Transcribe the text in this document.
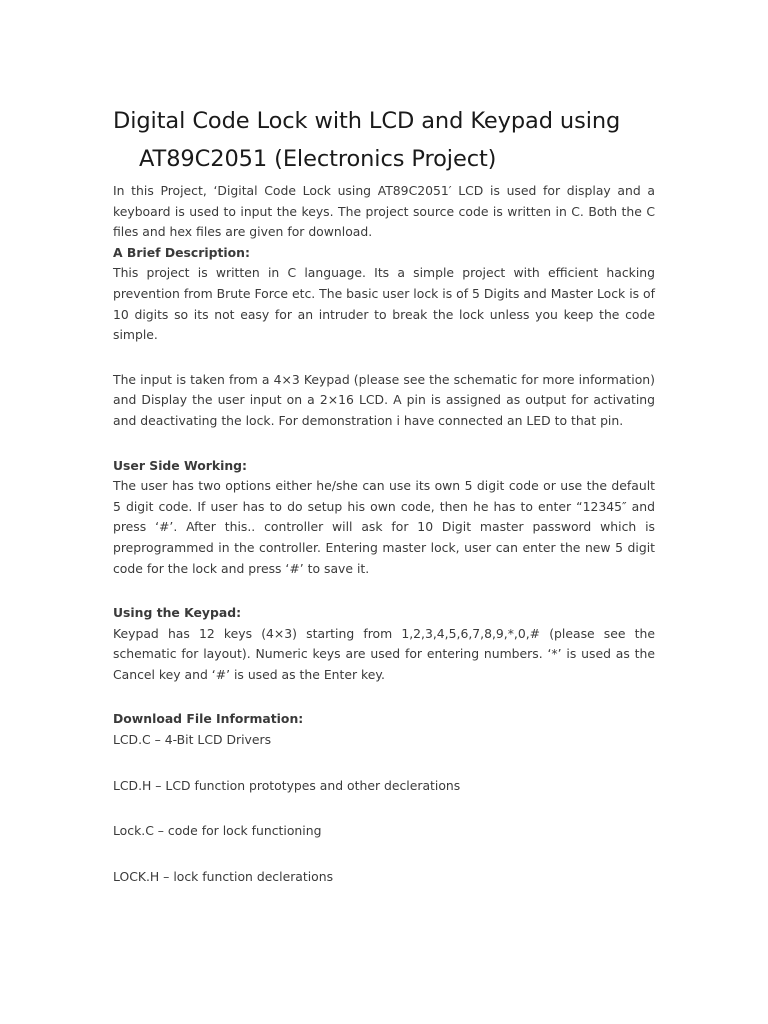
Digital Code Lock with LCD and Keypad using
AT89C2051 (Electronics Project)

In this Project, ‘Digital Code Lock using AT89C2051′ LCD is used for display and a keyboard is used to input the keys. The project source code is written in C. Both the C files and hex files are given for download.

A Brief Description:

This project is written in C language. Its a simple project with efficient hacking prevention from Brute Force etc. The basic user lock is of 5 Digits and Master Lock is of 10 digits so its not easy for an intruder to break the lock unless you keep the code simple.

The input is taken from a 4×3 Keypad (please see the schematic for more information) and Display the user input on a 2×16 LCD. A pin is assigned as output for activating and deactivating the lock. For demonstration i have connected an LED to that pin.

User Side Working:

The user has two options either he/she can use its own 5 digit code or use the default 5 digit code. If user has to do setup his own code, then he has to enter “12345″ and press ‘#’. After this.. controller will ask for 10 Digit master password which is preprogrammed in the controller. Entering master lock, user can enter the new 5 digit code for the lock and press ‘#’ to save it.

Using the Keypad:

Keypad has 12 keys (4×3) starting from 1,2,3,4,5,6,7,8,9,*,0,# (please see the schematic for layout). Numeric keys are used for entering numbers. ‘*’ is used as the Cancel key and ‘#’ is used as the Enter key.

Download File Information:

LCD.C – 4-Bit LCD Drivers

LCD.H – LCD function prototypes and other declerations

Lock.C – code for lock functioning

LOCK.H – lock function declerations
